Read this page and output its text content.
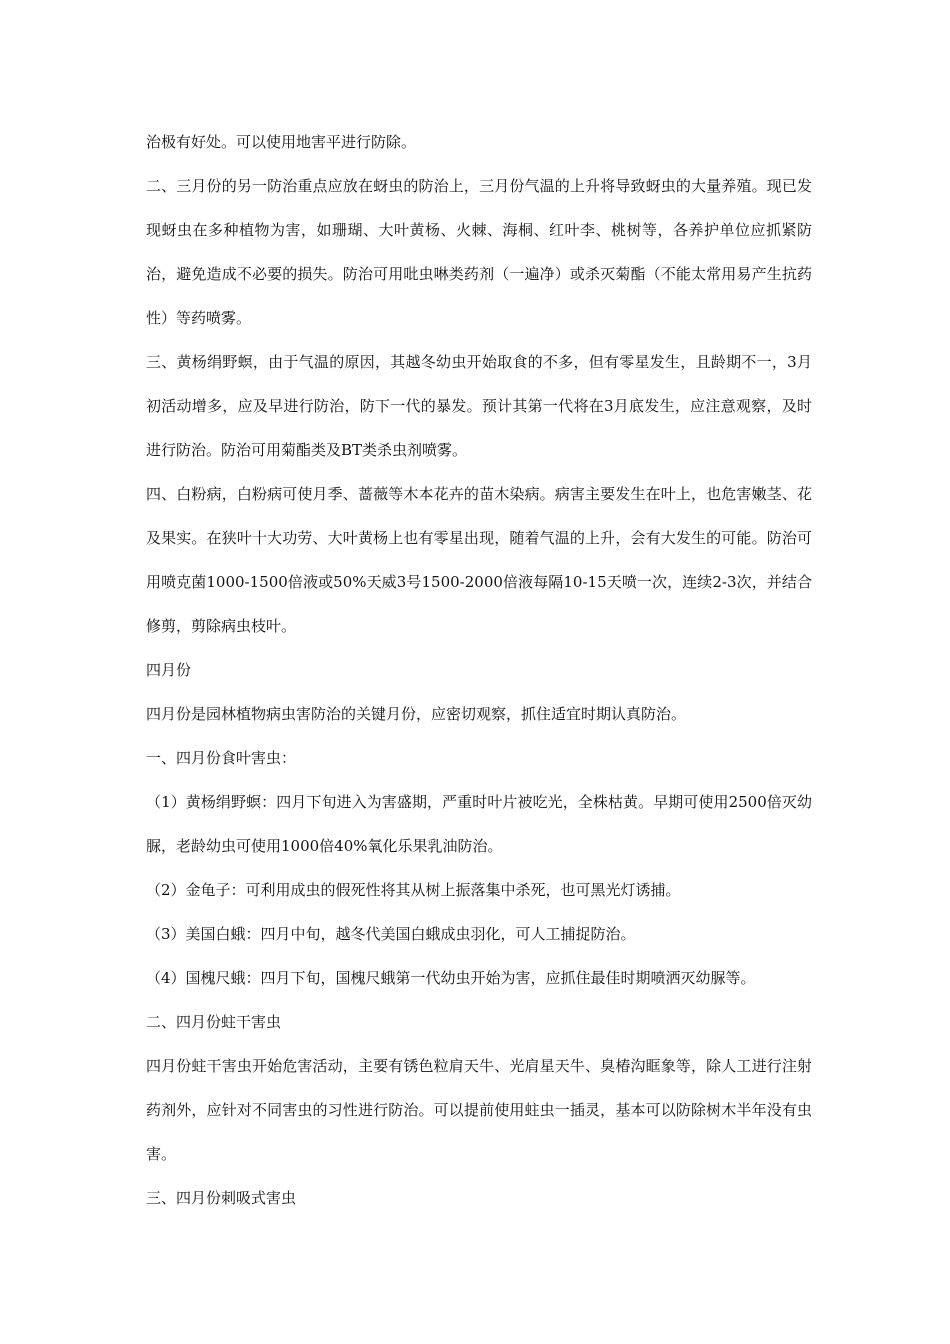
治极有好处。可以使用地害平进行防除。

二、三月份的另一防治重点应放在蚜虫的防治上，三月份气温的上升将导致蚜虫的大量养殖。现已发现蚜虫在多种植物为害，如珊瑚、大叶黄杨、火棘、海桐、红叶李、桃树等，各养护单位应抓紧防治，避免造成不必要的损失。防治可用吡虫啉类药剂（一遍净）或杀灭菊酯（不能太常用易产生抗药性）等药喷雾。

三、黄杨绢野螟，由于气温的原因，其越冬幼虫开始取食的不多，但有零星发生，且龄期不一，3月初活动增多，应及早进行防治，防下一代的暴发。预计其第一代将在3月底发生，应注意观察，及时进行防治。防治可用菊酯类及BT类杀虫剂喷雾。

四、白粉病，白粉病可使月季、蔷薇等木本花卉的苗木染病。病害主要发生在叶上，也危害嫩茎、花及果实。在狭叶十大功劳、大叶黄杨上也有零星出现，随着气温的上升，会有大发生的可能。防治可用喷克菌1000-1500倍液或50%天威3号1500-2000倍液每隔10-15天喷一次，连续2-3次，并结合修剪，剪除病虫枝叶。

四月份

四月份是园林植物病虫害防治的关键月份，应密切观察，抓住适宜时期认真防治。

一、四月份食叶害虫：

（1）黄杨绢野螟：四月下旬进入为害盛期，严重时叶片被吃光，全株枯黄。早期可使用2500倍灭幼脲，老龄幼虫可使用1000倍40%氧化乐果乳油防治。

（2）金龟子：可利用成虫的假死性将其从树上振落集中杀死，也可黑光灯诱捕。

（3）美国白蛾：四月中旬，越冬代美国白蛾成虫羽化，可人工捕捉防治。

（4）国槐尺蛾：四月下旬，国槐尺蛾第一代幼虫开始为害，应抓住最佳时期喷洒灭幼脲等。

二、四月份蛀干害虫

四月份蛀干害虫开始危害活动，主要有锈色粒肩天牛、光肩星天牛、臭椿沟眶象等，除人工进行注射药剂外，应针对不同害虫的习性进行防治。可以提前使用蛀虫一插灵，基本可以防除树木半年没有虫害。

三、四月份刺吸式害虫
